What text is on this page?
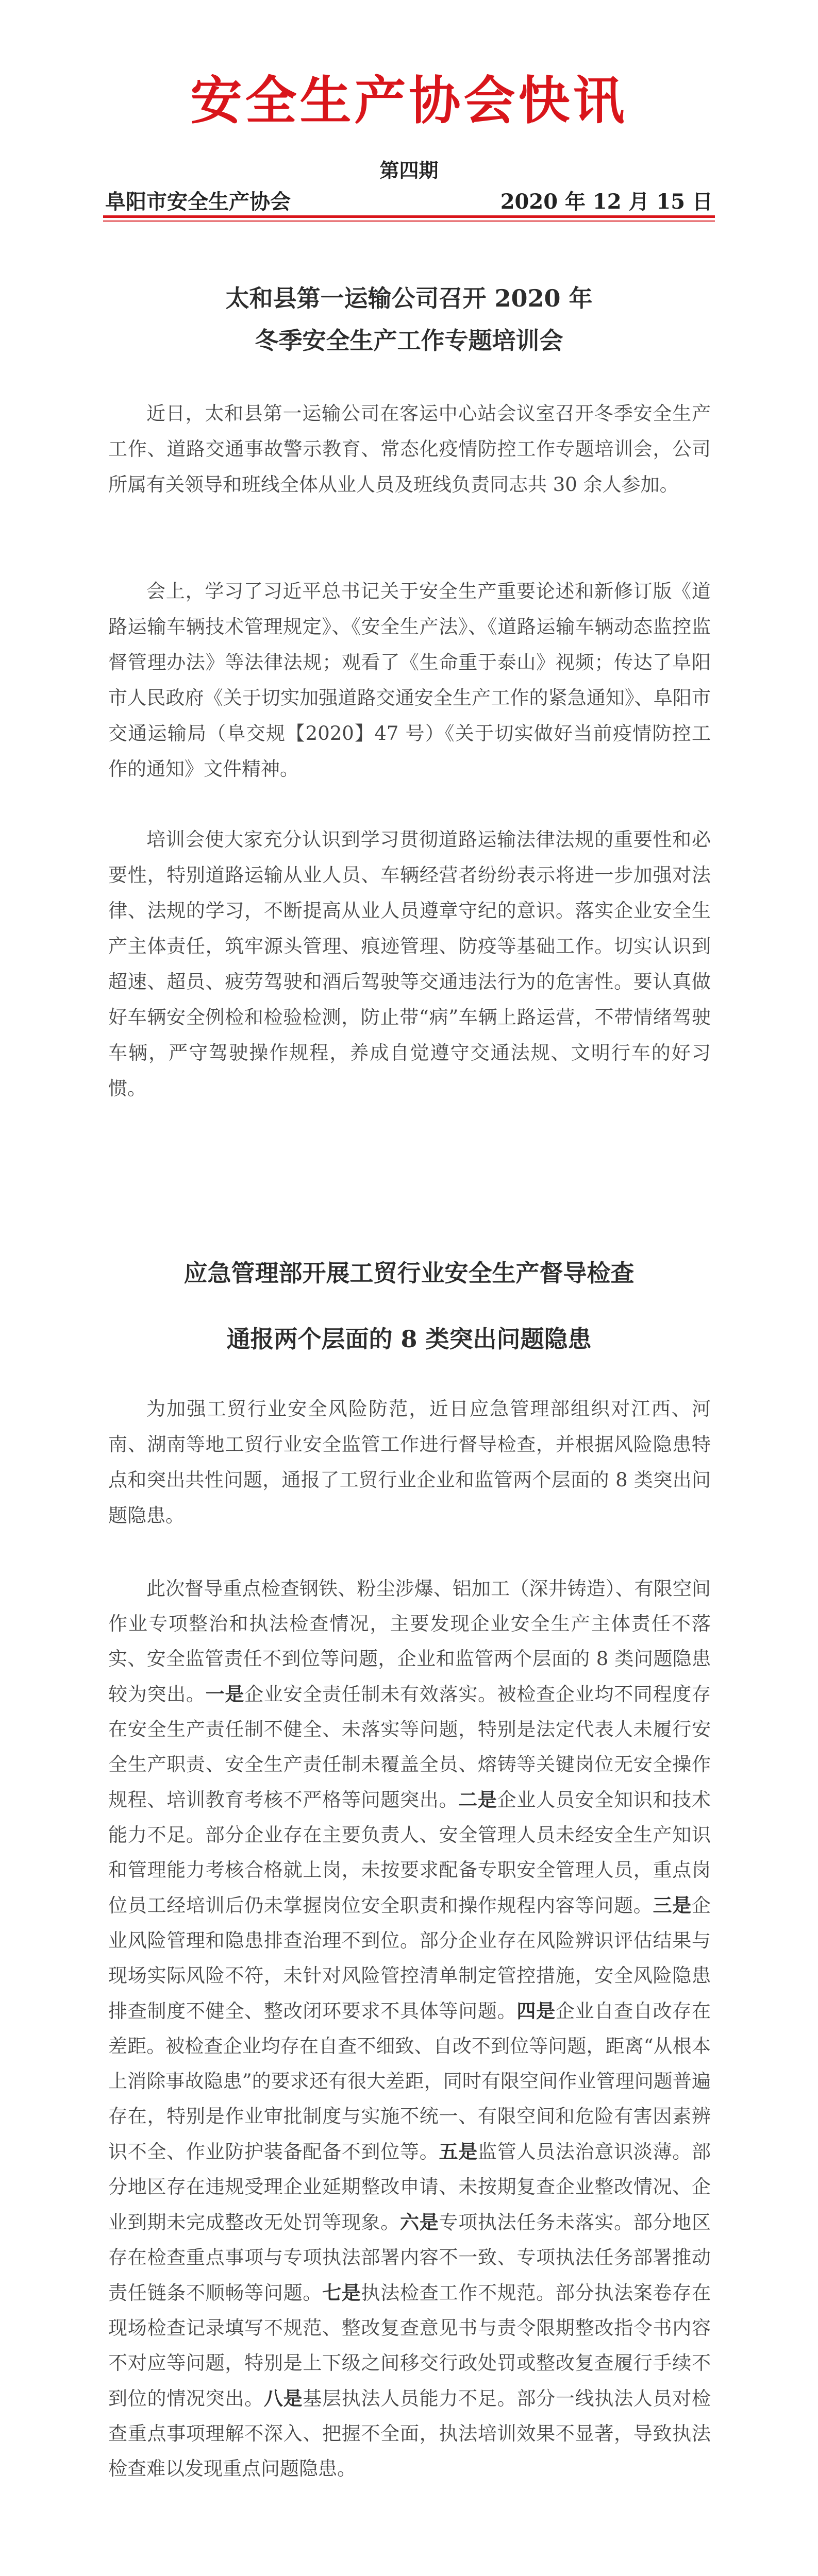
安全生产协会快讯
第四期
阜阳市安全生产协会	2020 年 12 月 15 日
太和县第一运输公司召开 2020 年
冬季安全生产工作专题培训会

近日，太和县第一运输公司在客运中心站会议室召开冬季安全生产工作、道路交通事故警示教育、常态化疫情防控工作专题培训会，公司所属有关领导和班线全体从业人员及班线负责同志共 30 余人参加。

会上，学习了习近平总书记关于安全生产重要论述和新修订版《道路运输车辆技术管理规定》、《安全生产法》、《道路运输车辆动态监控监督管理办法》等法律法规；观看了《生命重于泰山》视频；传达了阜阳市人民政府《关于切实加强道路交通安全生产工作的紧急通知》、阜阳市交通运输局（阜交规【2020】47 号）《关于切实做好当前疫情防控工作的通知》文件精神。

培训会使大家充分认识到学习贯彻道路运输法律法规的重要性和必要性，特别道路运输从业人员、车辆经营者纷纷表示将进一步加强对法律、法规的学习，不断提高从业人员遵章守纪的意识。落实企业安全生产主体责任，筑牢源头管理、痕迹管理、防疫等基础工作。切实认识到超速、超员、疲劳驾驶和酒后驾驶等交通违法行为的危害性。要认真做好车辆安全例检和检验检测，防止带“病”车辆上路运营，不带情绪驾驶车辆，严守驾驶操作规程，养成自觉遵守交通法规、文明行车的好习惯。

应急管理部开展工贸行业安全生产督导检查
通报两个层面的 8 类突出问题隐患

为加强工贸行业安全风险防范，近日应急管理部组织对江西、河南、湖南等地工贸行业安全监管工作进行督导检查，并根据风险隐患特点和突出共性问题，通报了工贸行业企业和监管两个层面的 8 类突出问题隐患。

此次督导重点检查钢铁、粉尘涉爆、铝加工（深井铸造）、有限空间作业专项整治和执法检查情况，主要发现企业安全生产主体责任不落实、安全监管责任不到位等问题，企业和监管两个层面的 8 类问题隐患较为突出。一是企业安全责任制未有效落实。被检查企业均不同程度存在安全生产责任制不健全、未落实等问题，特别是法定代表人未履行安全生产职责、安全生产责任制未覆盖全员、熔铸等关键岗位无安全操作规程、培训教育考核不严格等问题突出。二是企业人员安全知识和技术能力不足。部分企业存在主要负责人、安全管理人员未经安全生产知识和管理能力考核合格就上岗，未按要求配备专职安全管理人员，重点岗位员工经培训后仍未掌握岗位安全职责和操作规程内容等问题。三是企业风险管理和隐患排查治理不到位。部分企业存在风险辨识评估结果与现场实际风险不符，未针对风险管控清单制定管控措施，安全风险隐患排查制度不健全、整改闭环要求不具体等问题。四是企业自查自改存在差距。被检查企业均存在自查不细致、自改不到位等问题，距离“从根本上消除事故隐患”的要求还有很大差距，同时有限空间作业管理问题普遍存在，特别是作业审批制度与实施不统一、有限空间和危险有害因素辨识不全、作业防护装备配备不到位等。五是监管人员法治意识淡薄。部分地区存在违规受理企业延期整改申请、未按期复查企业整改情况、企业到期未完成整改无处罚等现象。六是专项执法任务未落实。部分地区存在检查重点事项与专项执法部署内容不一致、专项执法任务部署推动责任链条不顺畅等问题。七是执法检查工作不规范。部分执法案卷存在现场检查记录填写不规范、整改复查意见书与责令限期整改指令书内容不对应等问题，特别是上下级之间移交行政处罚或整改复查履行手续不到位的情况突出。八是基层执法人员能力不足。部分一线执法人员对检查重点事项理解不深入、把握不全面，执法培训效果不显著，导致执法检查难以发现重点问题隐患。
